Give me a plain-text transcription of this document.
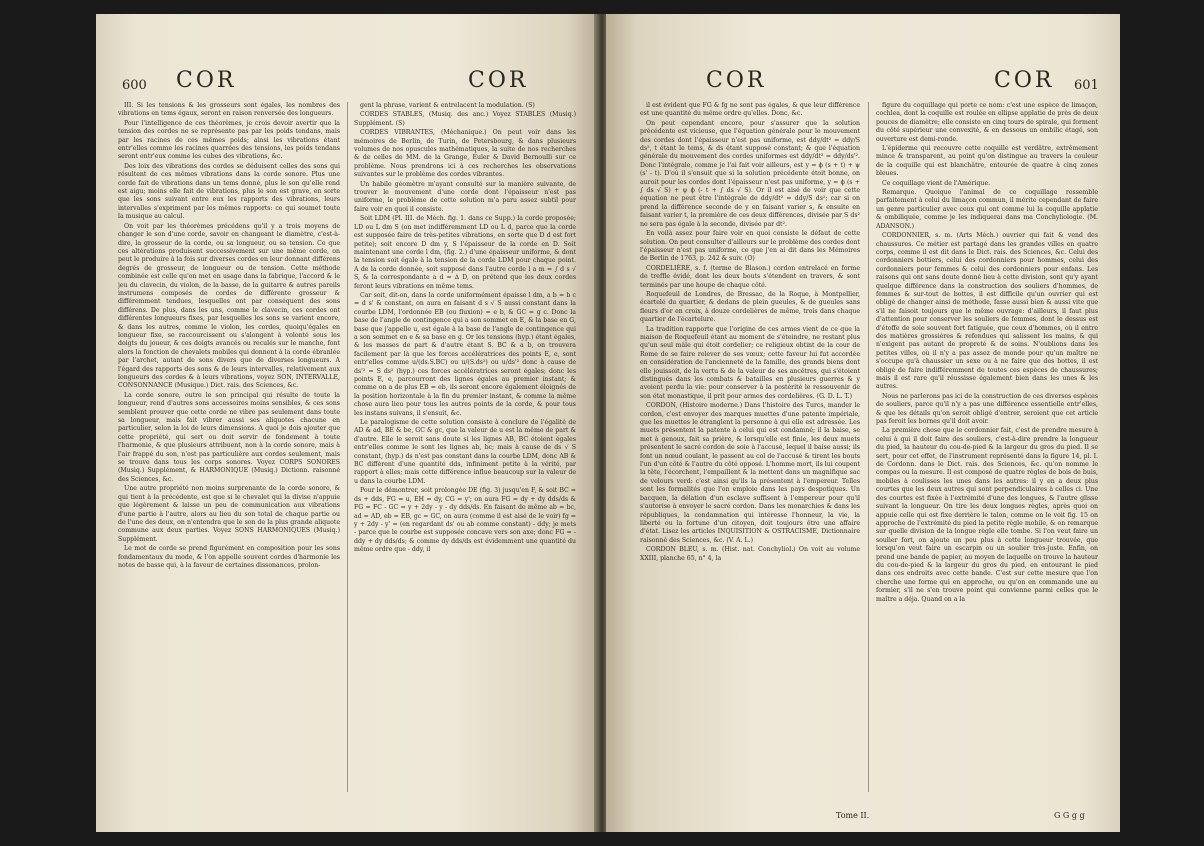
600 COR	COR

III. Si les tensions & les grosseurs sont égales, les nombres des vibrations en tems égaux, seront en raison renversée des longueurs.

Pour l'intelligence de ces théorèmes, je crois devoir avertir que la tension des cordes ne se représente pas par les poids tendans, mais par les racines de ces mêmes poids; ainsi les vibrations étant entr'elles comme les racines quarrées des tensions, les poids tendans seront entr'eux comme les cubes des vibrations, &c.

Des loix des vibrations des cordes se déduisent celles des sons qui résultent de ces mêmes vibrations dans la corde sonore. Plus une corde fait de vibrations dans un tems donné, plus le son qu'elle rend est aigu; moins elle fait de vibrations, plus le son est grave, en sorte que les sons suivant entre eux les rapports des vibrations, leurs intervalles s'expriment par les mêmes rapports: ce qui soumet toute la musique au calcul.

On voit par les théorèmes précédens qu'il y a trois moyens de changer le son d'une corde, savoir en changeant le diamètre, c'est-à-dire, la grosseur de la corde, ou sa longueur, ou sa tension. Ce que ces altérations produisent successivement sur une même corde, on peut le produire à la fois sur diverses cordes en leur donnant différens degrés de grosseur, de longueur ou de tension. Cette méthode combinée est celle qu'on met en usage dans la fabrique, l'accord & le jeu du clavecin, du violon, de la basse, de la guitarre & autres pareils instrumens composés de cordes de différente grosseur & différemment tendues, lesquelles ont par conséquent des sons différens. De plus, dans les uns, comme le clavecin, ces cordes ont différentes longueurs fixes, par lesquelles les sons se varient encore, & dans les autres, comme le violon, les cordes, quoiqu'égales en longueur fixe, se raccourcissent ou s'alongent à volonté sous les doigts du joueur, & ces doigts avancés ou reculés sur le manche, font alors la fonction de chevalets mobiles qui donnent à la corde ébranlée par l'archet, autant de sons divers que de diverses longueurs. A l'égard des rapports des sons & de leurs intervalles, relativement aux longueurs des cordes & à leurs vibrations, voyez SON, INTERVALLE, CONSONNANCE (Musique.) Dict. rais. des Sciences, &c.

La corde sonore, outre le son principal qui résulte de toute la longueur, rend d'autres sons accessoires moins sensibles, & ces sons semblent prouver que cette corde ne vibre pas seulement dans toute sa longueur, mais fait vibrer aussi ses aliquotes chacune en particulier, selon la loi de leurs dimensions. A quoi je dois ajouter que cette propriété, qui sert ou doit servir de fondement à toute l'harmonie, & que plusieurs attribuent, non à la corde sonore, mais à l'air frappé du son, n'est pas particulière aux cordes seulement, mais se trouve dans tous les corps sonores. Voyez CORPS SONORES (Musiq.) Supplément, & HARMONIQUE (Musiq.) Dictionn. raisonné des Sciences, &c.

Une autre propriété non moins surprenante de la corde sonore, & qui tient à la précédente, est que si le chevalet qui la divise n'appuie que légèrement & laisse un peu de communication aux vibrations d'une partie à l'autre, alors au lieu du son total de chaque partie ou de l'une des deux, on n'entendra que le son de la plus grande aliquote commune aux deux parties. Voyez SONS HARMONIQUES (Musiq.) Supplément.

Le mot de corde se prend figurément en composition pour les sons fondamentaux du mode, & l'on appelle souvent cordes d'harmonie les notes de basse qui, à la faveur de certaines dissonances, prolon-

gent la phrase, varient & entrelacent la modulation. (S)

CORDES STABLES, (Musiq. des anc.) Voyez STABLES (Musiq.) Supplément. (S)

CORDES VIBRANTES, (Méchanique.) On peut voir dans les mémoires de Berlin, de Turin, de Petersbourg, & dans plusieurs volumes de nos opuscules mathématiques, la suite de nos recherches & de celles de MM. de la Grange, Euler & David Bernoulli sur ce problème. Nous prendrons ici à ces recherches les observations suivantes sur le problème des cordes vibrantes.

Un habile géomètre m'ayant consulté sur la manière suivante, de trouver le mouvement d'une corde dont l'épaisseur n'est pas uniforme, le problème de cette solution m'a paru assez subtil pour faire voir en quoi il consiste.

Soit LDM (Pl. III. de Méch. fig. 1. dans ce Supp.) la corde proposée; LD ou L dm S (on met indifféremment LD ou L d, parce que la corde est supposée faire de très-petites vibrations, en sorte que D d est fort petite); soit encore D dm y, S l'épaisseur de la corde en D. Soit maintenant une corde l dm, (fig. 2.) d'une épaisseur uniforme, & dont la tension soit égale à la tension de la corde LDM pour chaque point. A de la corde donnée, soit supposé dans l'autre corde l a m = ∫ d s √ S, & la correspondante a d = ∆ D, on prétend que les deux cordes feront leurs vibrations en même tems.

Car soit, dit-on, dans la corde uniformément épaisse l dm, a b = b c = d s' & constant, on aura en faisant d s √ S aussi constant dans la courbe LDM, l'ordonnée EB (ou fluxion) = e b, & GC = g c. Donc la base de l'angle de contingence qui a son sommet en E, & la base en G, base que j'appelle u, est égale à la base de l'angle de contingence qui a son sommet en e & sa base en g. Or les tensions (hyp.) étant égales, & les masses de part & d'autre étant S. BC & a b, on trouvera facilement par là que les forces accélératrices des points E, e, sont entr'elles comme u/(ds.S.BC) ou u/(S.ds²) ou u/ds'² donc à cause de ds'² = S ds² (hyp.) ces forces accélératrices seront égales; donc les points E, e, parcourront des lignes égales au premier instant; & comme on a de plus EB = eb, ils seront encore également éloignés de la position horizontale à la fin du premier instant, & comme la même chose aura lieu pour tous les autres points de la corde, & pour tous les instans suivans, il s'ensuit, &c.

Le paralogisme de cette solution consiste à conclure de l'égalité de AD & ad, BE & be, GC & gc, que la valeur de u est la même de part & d'autre. Elle le seroit sans doute si les lignes AB, BC étoient égales entr'elles comme le sont les lignes ab, bc; mais à cause de ds √ S constant, (hyp.) ds n'est pas constant dans la courbe LDM, donc AB & BC diffèrent d'une quantité dds, infiniment petite à la vérité, par rapport à elles; mais cette différence influe beaucoup sur la valeur de u dans la courbe LDM.

Pour le démontrer, soit prolongée DE (fig. 3) jusqu'en F, & soit BC = ds + dds, FG = u, EH = dy, CG = y'; on aura FG = dy + dy dds/ds & FG = FC - GC = y + 2dy - y - dy dds/ds. En faisant de même ab = bc, ad = AD, eb = EB, gc = GC, on aura (comme il est aisé de le voir) fg = y + 2dy - y' = (en regardant ds' ou ab comme constant) - ddy; je mets - parce que le courbe est supposée concave vers son axe; donc FG = - ddy + dy dds/ds; & comme dy dds/ds est évidemment une quantité du même ordre que - ddy, il

COR	COR 601

il est évident que FG & fg ne sont pas égales, & que leur différence est une quantité du même ordre qu'elles. Donc, &c.

On peut cependant encore, pour s'assurer que la solution précédente est vicieuse, que l'équation générale pour le mouvement des cordes dont l'épaisseur n'est pas uniforme, est ddy/dt² = ddy/S ds², t étant le tems, & ds étant supposé constant; & que l'équation générale du mouvement des cordes uniformes est ddy/dt² = ddy/ds'². Donc l'intégrale, comme je l'ai fait voir ailleurs, est y = ϕ (s + t) + ψ (s' - t). D'où il s'ensuit que si la solution précédente étoit bonne, on auroit pour les cordes dont l'épaisseur n'est pas uniforme, y = ϕ (s + ∫ ds √ S) + ψ ϕ (- t + ∫ ds √ S). Or il est aisé de voir que cette équation ne peut être l'intégrale de ddy/dt² = ddy/S ds²; car si on prend la différence seconde de y en faisant varier s, & ensuite en faisant varier t, la première de ces deux différences, divisée par S ds² ne sera pas égale à la seconde, divisée par dt².

En voilà assez pour faire voir en quoi consiste le défaut de cette solution. On peut consulter d'ailleurs sur le problème des cordes dont l'épaisseur n'est pas uniforme, ce que j'en ai dit dans les Mémoires de Berlin de 1763, p. 242 & suiv. (O)

CORDELIÈRE, s. f. (terme de Blason.) cordon entrelacé en forme de treffle évidé, dont les deux bouts s'étendent en travers, & sont terminés par une houpe de chaque côté.

Roquefeuil de Londres, de Bressac, de la Roque, à Montpellier, écartelé du quartier, & dedans de plein gueules, & de gueules sans fleurs d'or en croix, à douze cordelières de même, trois dans chaque quartier de l'écartelure.

La tradition rapporte que l'origine de ces armes vient de ce que la maison de Roquefeuil étant au moment de s'éteindre, ne restant plus qu'un seul mâle qui étoit cordelier; ce religieux obtint de la cour de Rome de se faire relever de ses vœux; cette faveur lui fut accordée en considération de l'ancienneté de la famille, des grands biens dont elle jouissoit, de la vertu & de la valeur de ses ancêtres, qui s'étoient distingués dans les combats & batailles en plusieurs guerres & y avoient perdu la vie: pour conserver à la postérité le ressouvenir de son état monastique, il prit pour armes des cordelières. (G. D. L. T.)

CORDON, (Histoire moderne.) Dans l'histoire des Turcs, mander le cordon, c'est envoyer des marques muettes d'une patente impériale, que les muettes le étranglent la personne à qui elle est adressée. Les muets présentent la patente à celui qui est condamné; il la baise, se met à genoux, fait sa prière, & lorsqu'elle est finie, les deux muets présentent le sacré cordon de soie à l'accusé, lequel il baise aussi; ils font un nœud coulant, le passent au col de l'accusé & tirent les bouts l'un d'un côté & l'autre du côté opposé. L'homme mort, ils lui coupent la tête, l'écorchent, l'empaillent & la mettent dans un magnifique sac de velours verd: c'est ainsi qu'ils la présentent à l'empereur. Telles sont les formalités que l'on emploie dans les pays despotiques. Un bacquen, la délation d'un esclave suffisent à l'empereur pour qu'il s'autorise à envoyer le sacré cordon. Dans les monarchies & dans les républiques, la condamnation qui intéresse l'honneur, la vie, la liberté ou la fortune d'un citoyen, doit toujours être une affaire d'état. Lisez les articles INQUISITION & OSTRACISME, Dictionnaire raisonné des Sciences, &c. (V. A. L.)

CORDON BLEU, s. m. (Hist. nat. Conchyliol.) On voit au volume XXIII, planche 65, n° 4, la

figure du coquillage qui porte ce nom: c'est une espèce de limaçon, cochlea, dont la coquille est roulée en ellipse applatie de près de deux pouces de diamètre; elle consiste en cinq tours de spirale, qui forment du côté supérieur une convexité, & en dessous un ombilic étagé, son ouverture est demi-ronde.

L'épiderme qui recouvre cette coquille est verdâtre, extrêmement mince & transparent, au point qu'on distingue au travers la couleur de la coquille qui est blanchâtre, entourée de quatre à cinq zones bleues.

Ce coquillage vient de l'Amérique.

Remarque. Quoique l'animal de ce coquillage ressemble parfaitement à celui du limaçon commun, il mérite cependant de faire un genre particulier avec ceux qui ont comme lui la coquille applatie & ombiliquée, comme je les indiquerai dans ma Conchyliologie. (M. ADANSON.)

CORDONNIER, s. m. (Arts Méch.) ouvrier qui fait & vend des chaussures. Ce métier est partagé dans les grandes villes en quatre corps, comme il est dit dans le Dict. rais. des Sciences, &c. Celui des cordonniers bottiers, celui des cordonniers pour hommes, celui des cordonniers pour femmes & celui des cordonniers pour enfans. Les raisons qui ont sans doute donné lieu à cette division, sont qu'y ayant quelque différence dans la construction des souliers d'hommes, de femmes & sur-tout de bottes, il est difficile qu'un ouvrier qui est obligé de changer ainsi de méthode, fasse aussi bien & aussi vite que s'il ne faisoit toujours que le même ouvrage: d'ailleurs, il faut plus d'attention pour conserver les souliers de femmes, dont le dessus est d'étoffe de soie souvent fort fatiguée, que ceux d'hommes, où il entre des matières grossières & refendues qui salissent les mains, & qui n'exigent pas autant de propreté & de soins. N'oublions dans les petites villes, où il n'y a pas assez de monde pour qu'un maître ne s'occupe qu'à chaussier un sexe ou à ne faire que des bottes, il est obligé de faire indifféremment de toutes ces espèces de chaussures; mais il est rare qu'il réussisse également bien dans les unes & les autres.

Nous ne parlerons pas ici de la construction de ces diverses espèces de souliers, parce qu'il n'y a pas une différence essentielle entr'elles, & que les détails qu'on seroit obligé d'entrer, seroient que cet article pas feroit les bornes qu'il doit avoir.

La première chose que le cordonnier fait, c'est de prendre mesure à celui à qui il doit faire des souliers, c'est-à-dire prendre la longueur du pied, la hauteur du cou-de-pied & la largeur du gros du pied. Il se sert, pour cet effet, de l'instrument représenté dans la figure 14, pl. I. de Cordonn. dans le Dict. rais. des Sciences, &c. qu'on nomme le compas ou la mesure. Il est composé de quatre règles de bois de buis, mobiles à coulisses les unes dans les autres: il y en a deux plus courtes que les deux autres qui sont perpendiculaires à celles ci. Une des courtes est fixée à l'extrémité d'une des longues, & l'autre glisse suivant la longueur. On tire les deux longues règles, après quoi on appuie celle qui est fixe derrière le talon, comme on le voit fig. 15 on approche de l'extrémité du pied la petite règle mobile, & on remarque sur quelle division de la longue règle elle tombe. Si l'on veut faire un soulier fort, on ajoute un peu plus à cette longueur trouvée, que lorsqu'on veut faire un escarpin ou un soulier très-juste. Enfin, on prend une bande de papier, au moyen de laquelle on trouve la hauteur du cou-de-pied & la largeur du gros du pied, en entourant le pied dans ces endroits avec cette bande. C'est sur cette mesure que l'on cherche une forme qui en approche, ou qu'on en commande une au formier, s'il ne s'en trouve point qui convienne parmi celles que le maître a déja. Quand on a la

Tome II.	G G g g
